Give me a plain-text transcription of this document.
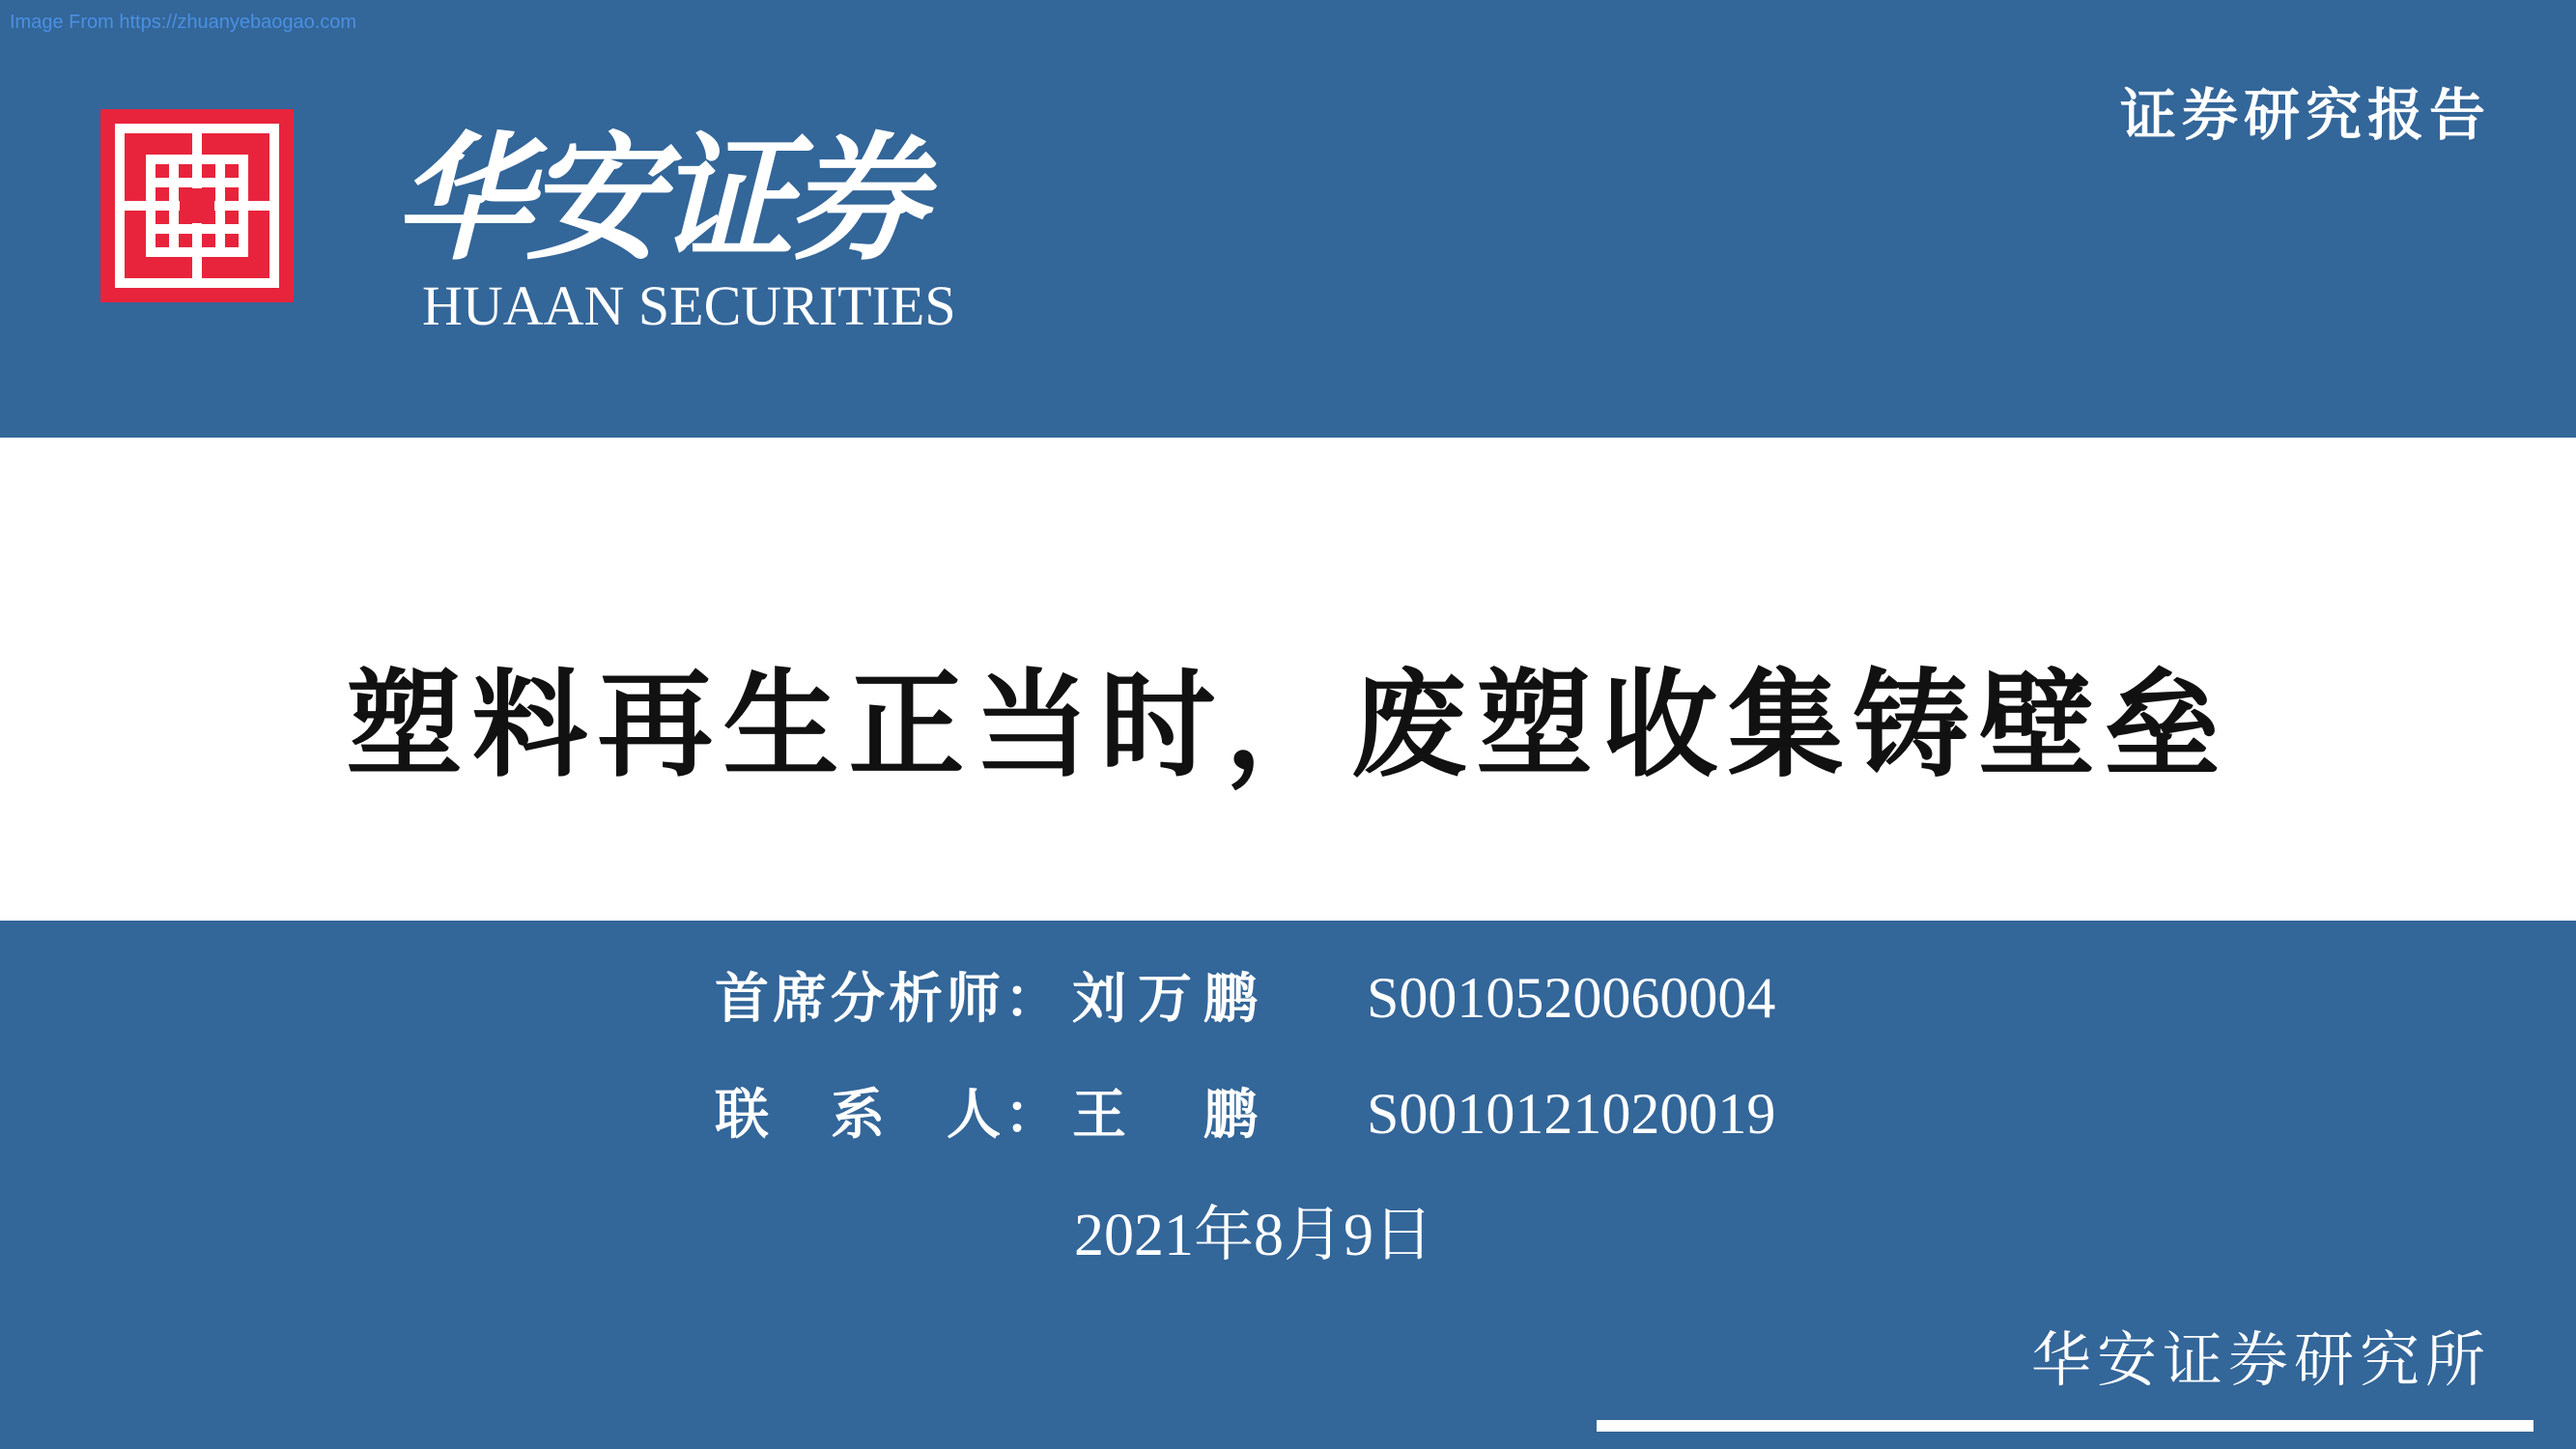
Image From https://zhuanyebaogao.com
华安证券
HUAAN SECURITIES
证券研究报告
塑料再生正当时，废塑收集铸壁垒
首席分析师： 刘万鹏 S0010520060004
联　系　人： 王　鹏 S0010121020019
2021年8月9日
华安证券研究所
